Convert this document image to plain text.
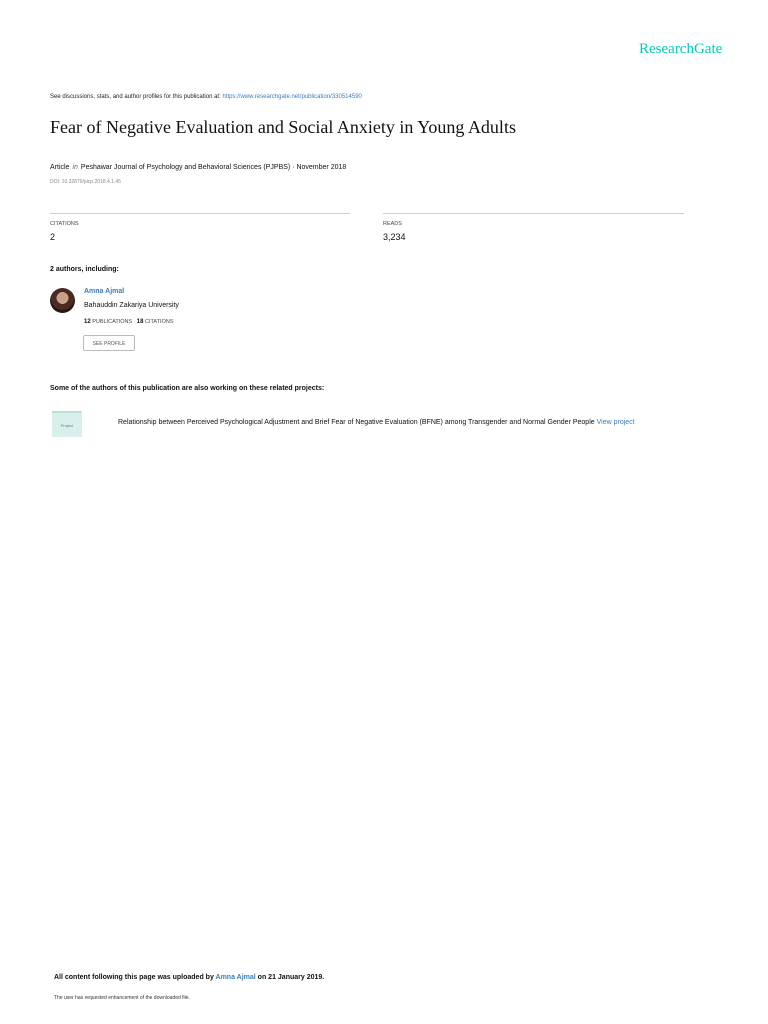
ResearchGate
See discussions, stats, and author profiles for this publication at: https://www.researchgate.net/publication/330514590
Fear of Negative Evaluation and Social Anxiety in Young Adults
Article in Peshawar Journal of Psychology and Behavioral Sciences (PJPBS) · November 2018
DOI: 10.32879/picp.2018.4.1.45
CITATIONS
2
READS
3,234
2 authors, including:
Amna Ajmal
Bahauddin Zakariya University
12 PUBLICATIONS 18 CITATIONS
SEE PROFILE
Some of the authors of this publication are also working on these related projects:
Project	Relationship between Perceived Psychological Adjustment and Brief Fear of Negative Evaluation (BFNE) among Transgender and Normal Gender People View project
All content following this page was uploaded by Amna Ajmal on 21 January 2019.
The user has requested enhancement of the downloaded file.
